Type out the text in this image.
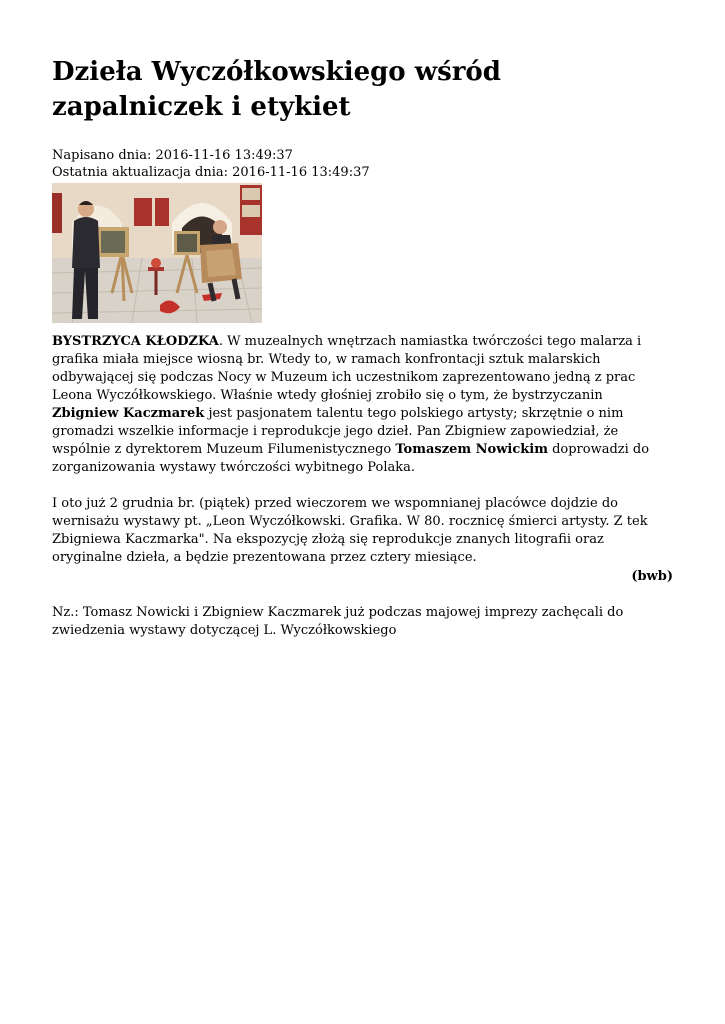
Dzieła Wyczółkowskiego wśród zapalniczek i etykiet
Napisano dnia: 2016-11-16 13:49:37
Ostatnia aktualizacja dnia: 2016-11-16 13:49:37

BYSTRZYCA KŁODZKA. W muzealnych wnętrzach namiastka twórczości tego malarza i grafika miała miejsce wiosną br. Wtedy to, w ramach konfrontacji sztuk malarskich odbywającej się podczas Nocy w Muzeum ich uczestnikom zaprezentowano jedną z prac Leona Wyczółkowskiego. Właśnie wtedy głośniej zrobiło się o tym, że bystrzyczanin Zbigniew Kaczmarek jest pasjonatem talentu tego polskiego artysty; skrzętnie o nim gromadzi wszelkie informacje i reprodukcje jego dzieł. Pan Zbigniew zapowiedział, że wspólnie z dyrektorem Muzeum Filumenistycznego Tomaszem Nowickim doprowadzi do zorganizowania wystawy twórczości wybitnego Polaka.

I oto już 2 grudnia br. (piątek) przed wieczorem we wspomnianej placówce dojdzie do wernisażu wystawy pt. „Leon Wyczółkowski. Grafika. W 80. rocznicę śmierci artysty. Z tek Zbigniewa Kaczmarka". Na ekspozycję złożą się reprodukcje znanych litografii oraz oryginalne dzieła, a będzie prezentowana przez cztery miesiące.

(bwb)

Nz.: Tomasz Nowicki i Zbigniew Kaczmarek już podczas majowej imprezy zachęcali do zwiedzenia wystawy dotyczącej L. Wyczółkowskiego
